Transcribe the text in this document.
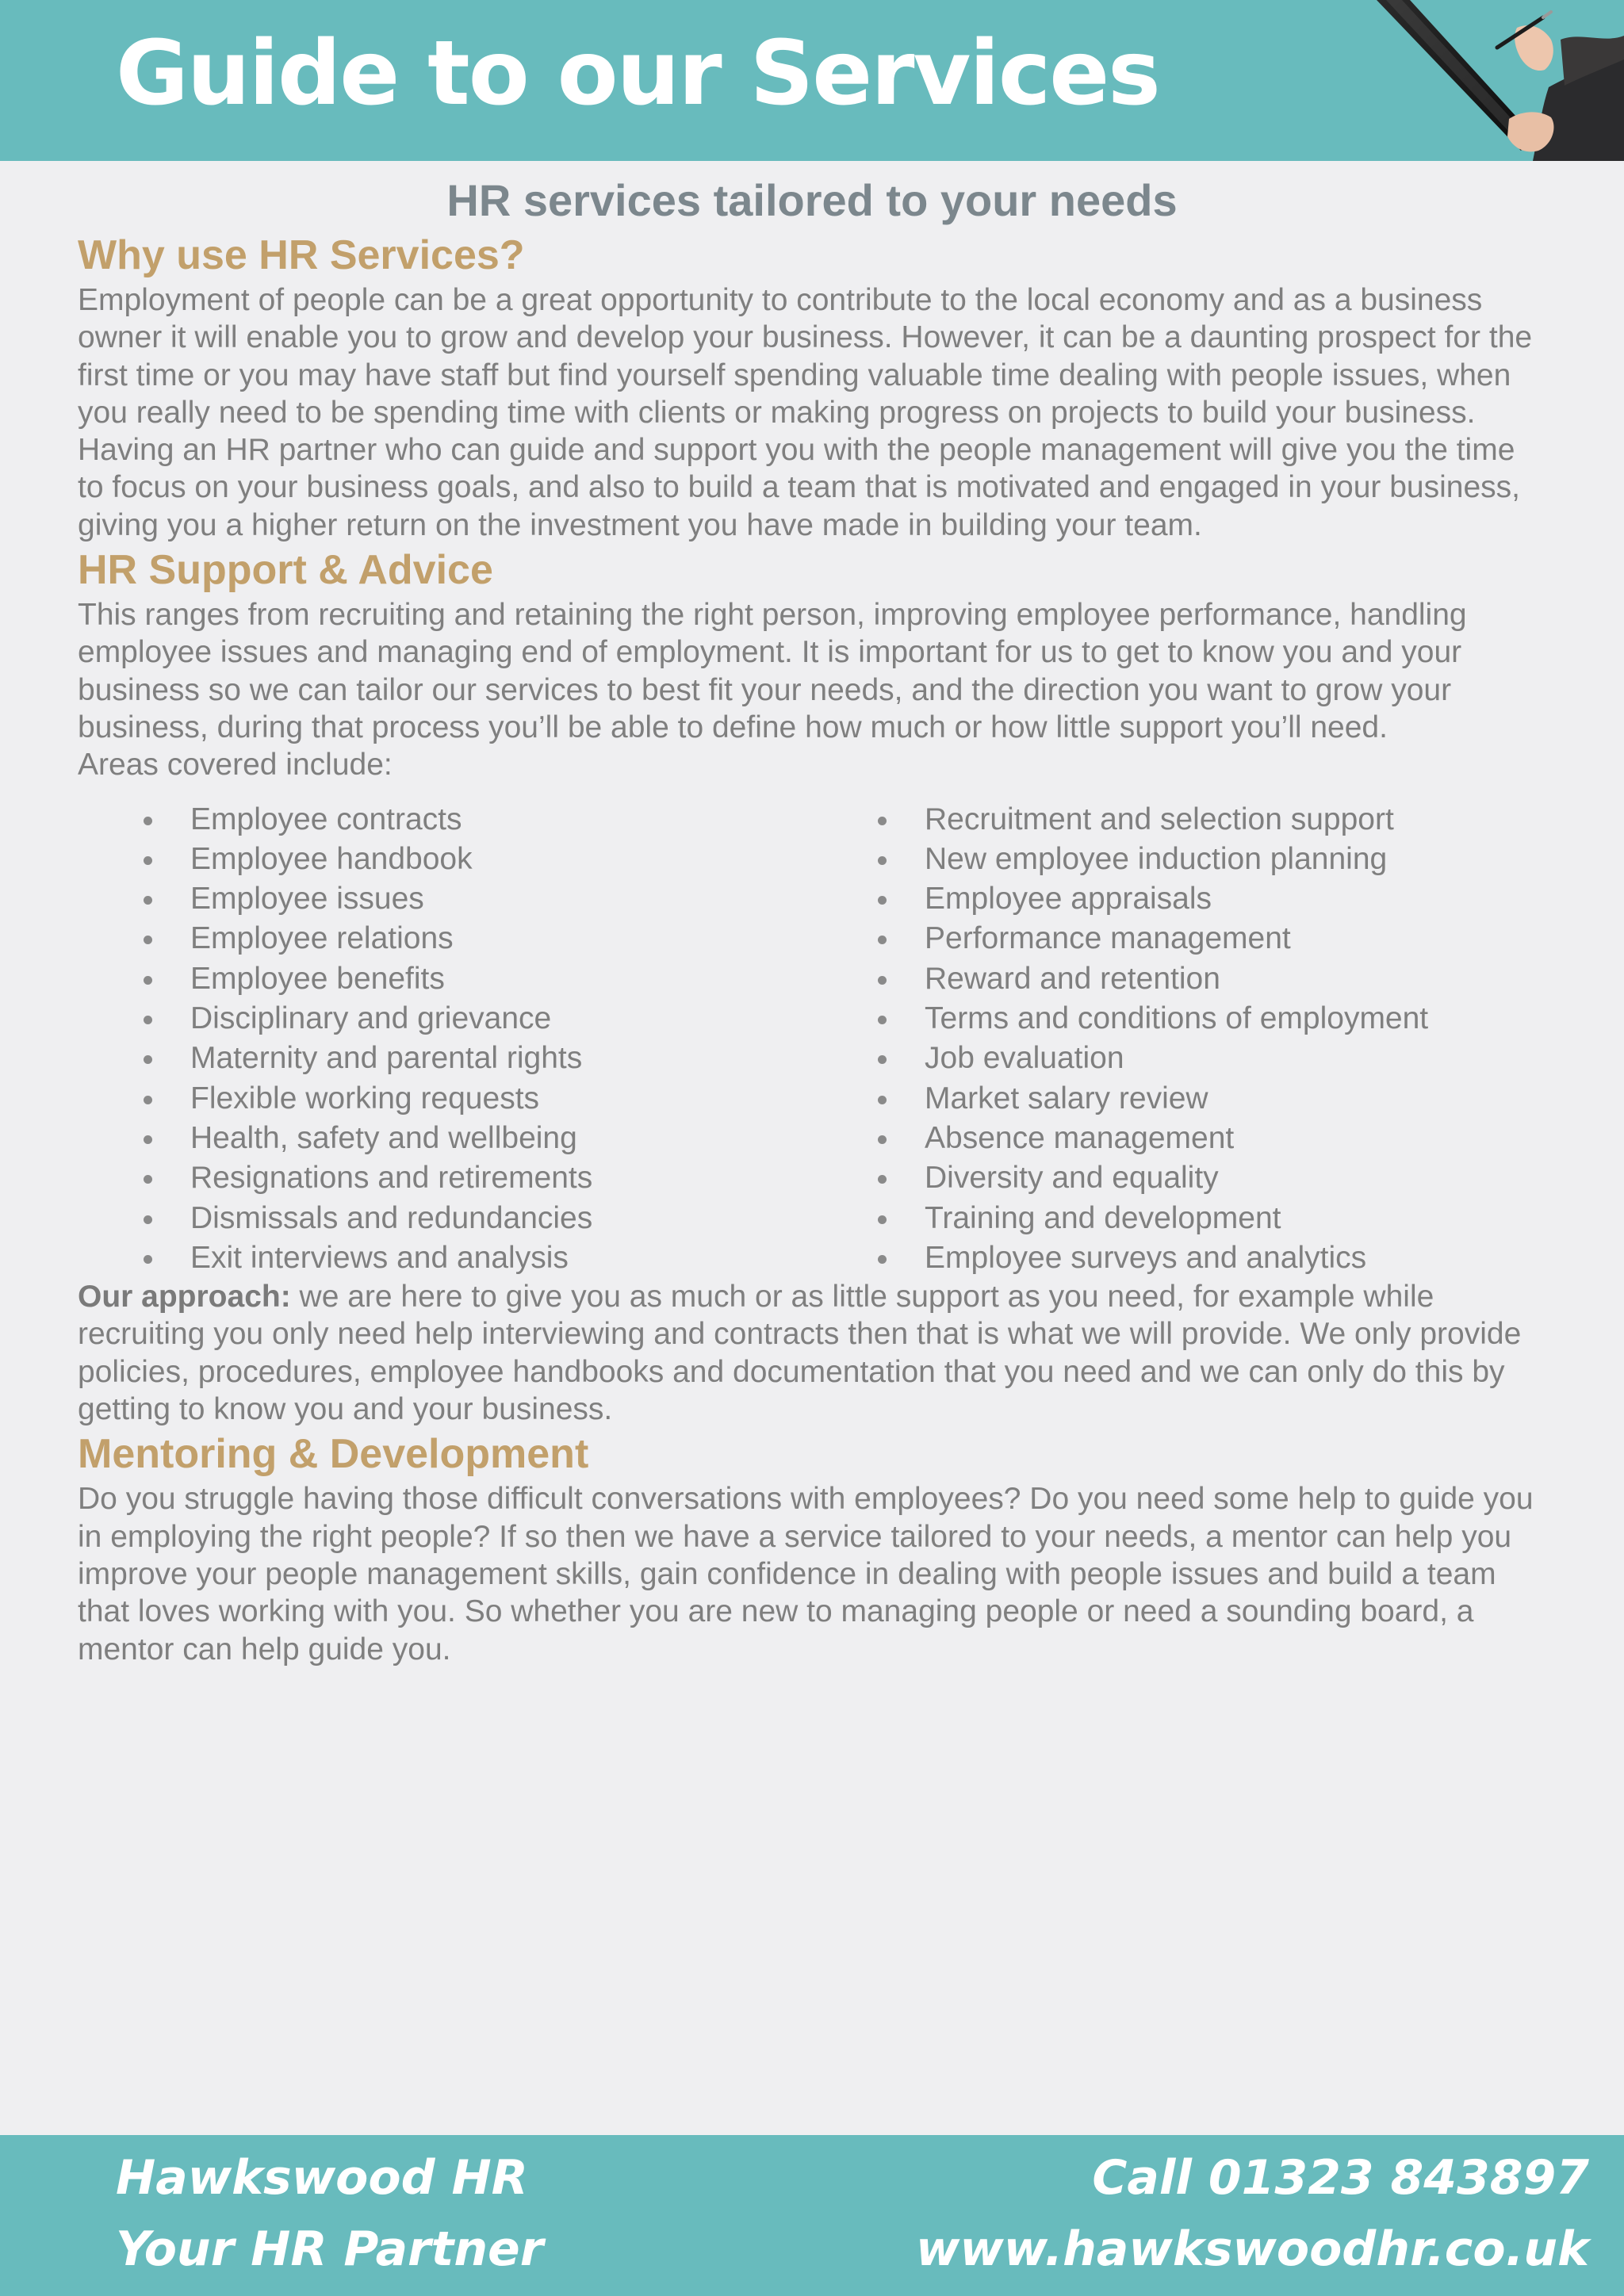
Guide to our Services
HR services tailored to your needs
Why use HR Services?

Employment of people can be a great opportunity to contribute to the local economy and as a business owner it will enable you to grow and develop your business. However, it can be a daunting prospect for the first time or you may have staff but find yourself spending valuable time dealing with people issues, when you really need to be spending time with clients or making progress on projects to build your business. Having an HR partner who can guide and support you with the people management will give you the time to focus on your business goals, and also to build a team that is motivated and engaged in your business, giving you a higher return on the investment you have made in building your team.

HR Support & Advice

This ranges from recruiting and retaining the right person, improving employee performance, handling employee issues and managing end of employment. It is important for us to get to know you and your business so we can tailor our services to best fit your needs, and the direction you want to grow your business, during that process you’ll be able to define how much or how little support you’ll need.

Areas covered include:

Employee contracts
Employee handbook
Employee issues
Employee relations
Employee benefits
Disciplinary and grievance
Maternity and parental rights
Flexible working requests
Health, safety and wellbeing
Resignations and retirements
Dismissals and redundancies
Exit interviews and analysis
Recruitment and selection support
New employee induction planning
Employee appraisals
Performance management
Reward and retention
Terms and conditions of employment
Job evaluation
Market salary review
Absence management
Diversity and equality
Training and development
Employee surveys and analytics

Our approach: we are here to give you as much or as little support as you need, for example while recruiting you only need help interviewing and contracts then that is what we will provide. We only provide policies, procedures, employee handbooks and documentation that you need and we can only do this by getting to know you and your business.

Mentoring & Development

Do you struggle having those difficult conversations with employees? Do you need some help to guide you in employing the right people? If so then we have a service tailored to your needs, a mentor can help you improve your people management skills, gain confidence in dealing with people issues and build a team that loves working with you. So whether you are new to managing people or need a sounding board, a mentor can help guide you.

Hawkswood HR
Your HR Partner
Call 01323 843897
www.hawkswoodhr.co.uk
